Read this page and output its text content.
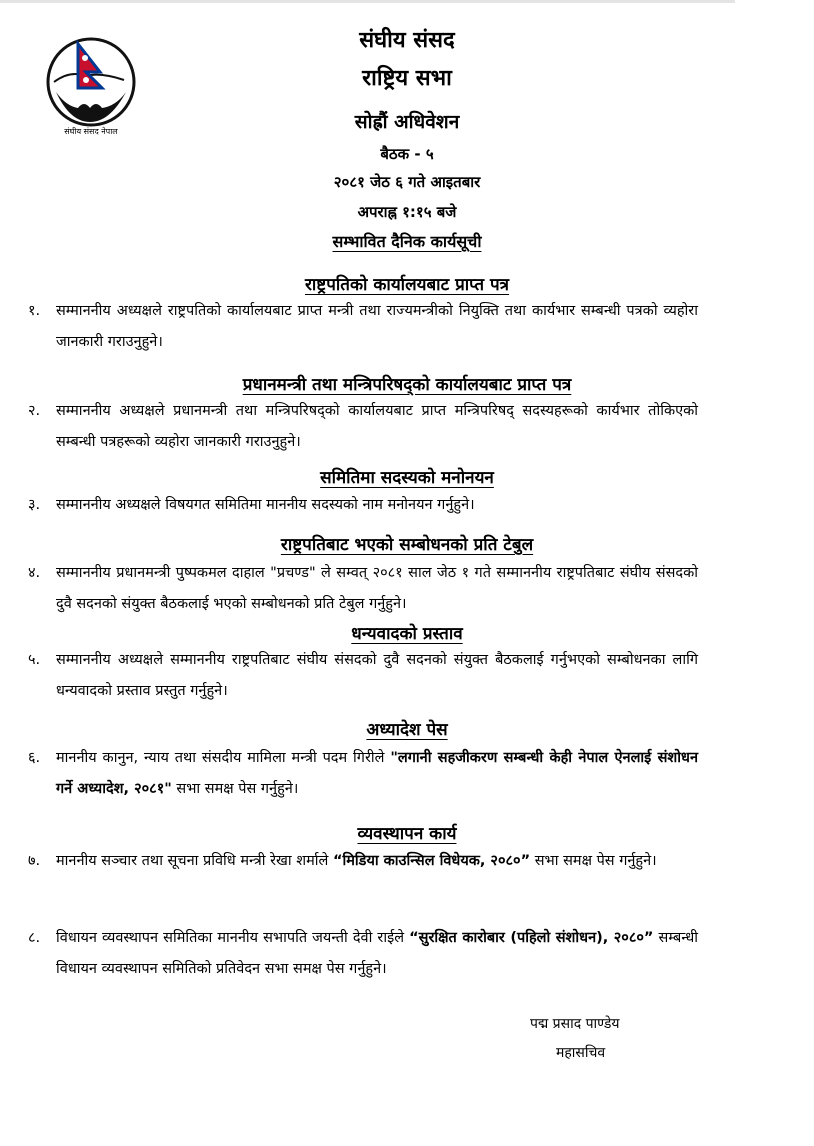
संघीय संसद नेपाल
संघीय संसद
राष्ट्रिय सभा
सोह्रौं अधिवेशन
बैठक - ५
२०८१ जेठ ६ गते आइतबार
अपराह्न १:१५ बजे
सम्भावित दैनिक कार्यसूची
राष्ट्रपतिको कार्यालयबाट प्राप्त पत्र
१.	सम्माननीय अध्यक्षले राष्ट्रपतिको कार्यालयबाट प्राप्त मन्त्री तथा राज्यमन्त्रीको नियुक्ति तथा कार्यभार सम्बन्धी पत्रको व्यहोरा जानकारी गराउनुहुने।
प्रधानमन्त्री तथा मन्त्रिपरिषद्को कार्यालयबाट प्राप्त पत्र
२.	सम्माननीय अध्यक्षले प्रधानमन्त्री तथा मन्त्रिपरिषद्को कार्यालयबाट प्राप्त मन्त्रिपरिषद् सदस्यहरूको कार्यभार तोकिएको सम्बन्धी पत्रहरूको व्यहोरा जानकारी गराउनुहुने।
समितिमा सदस्यको मनोनयन
३.	सम्माननीय अध्यक्षले विषयगत समितिमा माननीय सदस्यको नाम मनोनयन गर्नुहुने।
राष्ट्रपतिबाट भएको सम्बोधनको प्रति टेबुल
४.	सम्माननीय प्रधानमन्त्री पुष्पकमल दाहाल "प्रचण्ड" ले सम्वत् २०८१ साल जेठ १ गते सम्माननीय राष्ट्रपतिबाट संघीय संसदको दुवै सदनको संयुक्त बैठकलाई भएको सम्बोधनको प्रति टेबुल गर्नुहुने।
धन्यवादको प्रस्ताव
५.	सम्माननीय अध्यक्षले सम्माननीय राष्ट्रपतिबाट संघीय संसदको दुवै सदनको संयुक्त बैठकलाई गर्नुभएको सम्बोधनका लागि धन्यवादको प्रस्ताव प्रस्तुत गर्नुहुने।
अध्यादेश पेस
६.	माननीय कानुन, न्याय तथा संसदीय मामिला मन्त्री पदम गिरीले "लगानी सहजीकरण सम्बन्धी केही नेपाल ऐनलाई संशोधन गर्ने अध्यादेश, २०८१" सभा समक्ष पेस गर्नुहुने।
व्यवस्थापन कार्य
७.	माननीय सञ्चार तथा सूचना प्रविधि मन्त्री रेखा शर्माले “मिडिया काउन्सिल विधेयक, २०८०” सभा समक्ष पेस गर्नुहुने।
८.	विधायन व्यवस्थापन समितिका माननीय सभापति जयन्ती देवी राईले “सुरक्षित कारोबार (पहिलो संशोधन), २०८०” सम्बन्धी विधायन व्यवस्थापन समितिको प्रतिवेदन सभा समक्ष पेस गर्नुहुने।
पद्म प्रसाद पाण्डेय
महासचिव
